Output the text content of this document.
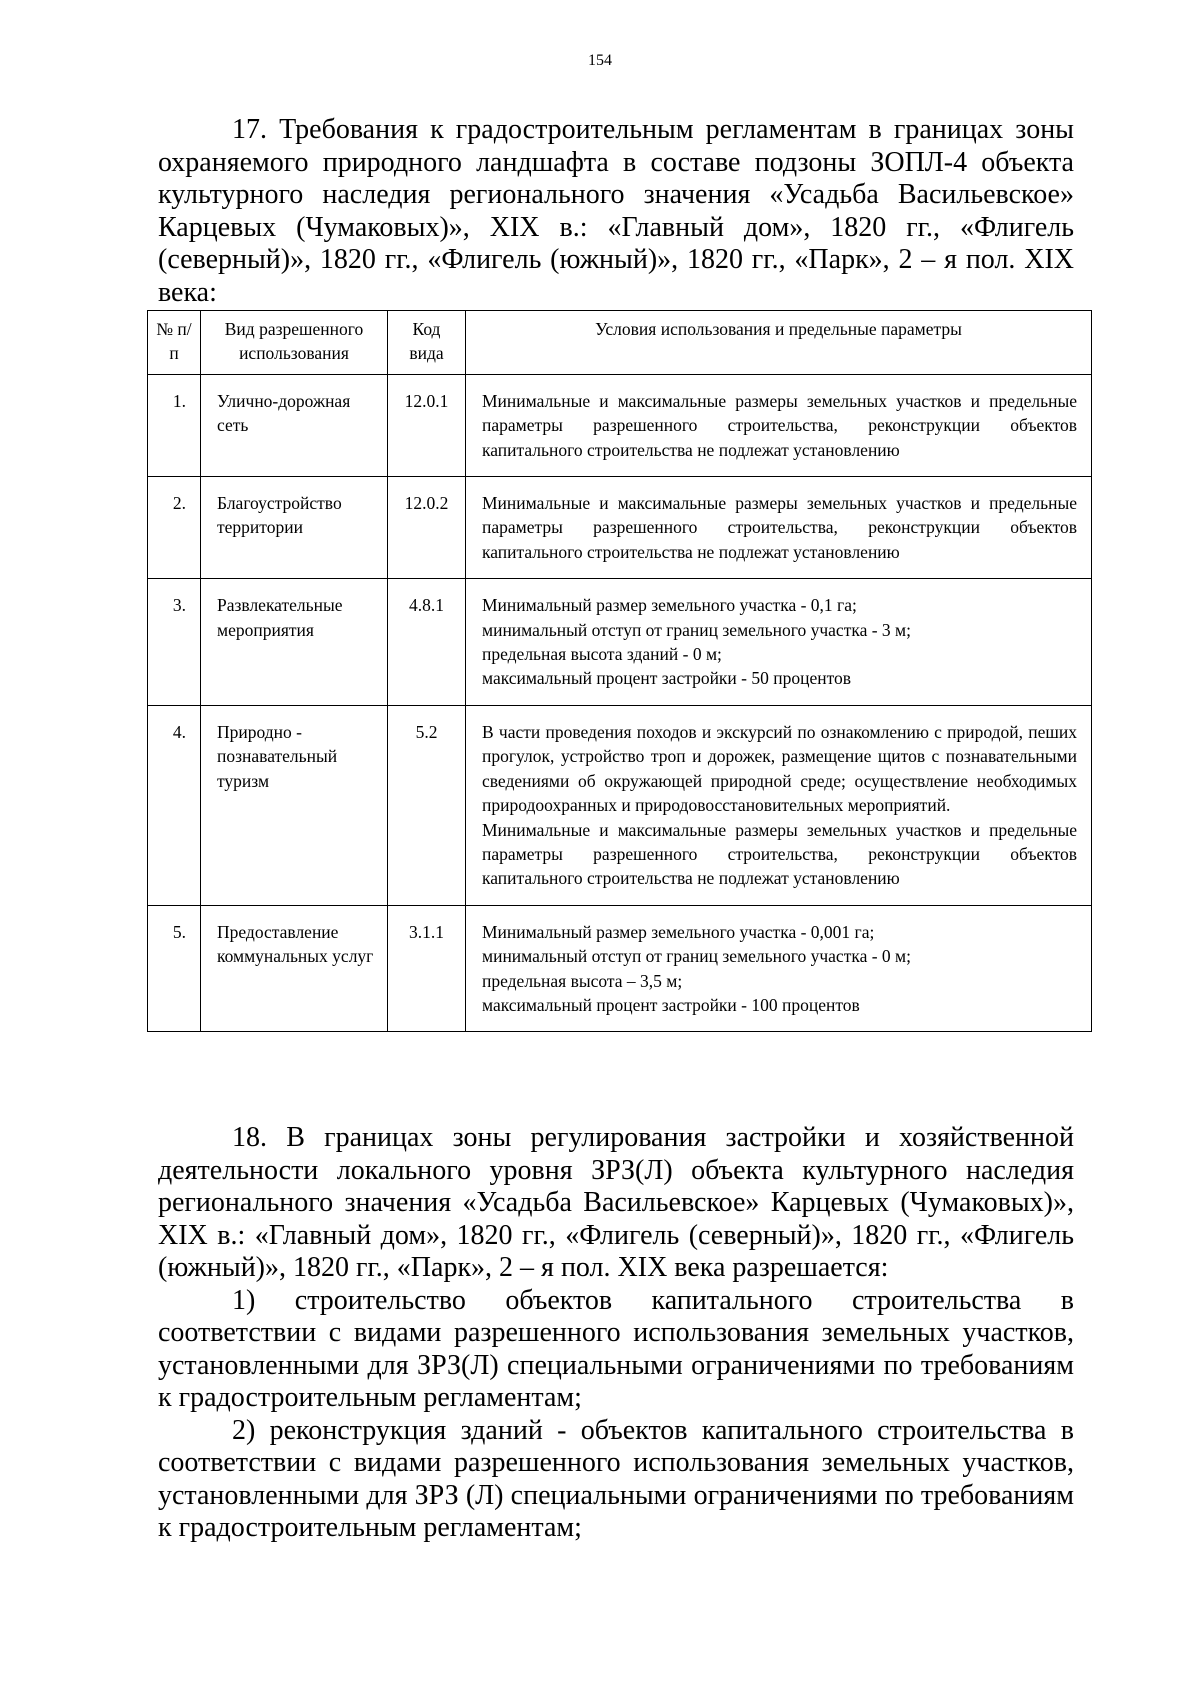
154

17. Требования к градостроительным регламентам в границах зоны охраняемого природного ландшафта в составе подзоны ЗОПЛ-4 объекта культурного наследия регионального значения «Усадьба Васильевское» Карцевых (Чумаковых)», XIX в.: «Главный дом», 1820 гг., «Флигель (северный)», 1820 гг., «Флигель (южный)», 1820 гг., «Парк», 2 – я пол. XIX века:

№ п/п	Вид разрешенного использования	Код вида	Условия использования и предельные параметры
1.	Улично-дорожная сеть	12.0.1	Минимальные и максимальные размеры земельных участков и предельные параметры разрешенного строительства, реконструкции объектов капитального строительства не подлежат установлению

2.	Благоустройство территории	12.0.2	Минимальные и максимальные размеры земельных участков и предельные параметры разрешенного строительства, реконструкции объектов капитального строительства не подлежат установлению

3.	Развлекательные мероприятия	4.8.1	Минимальный размер земельного участка - 0,1 га;
минимальный отступ от границ земельного участка - 3 м;
предельная высота зданий - 0 м;
максимальный процент застройки - 50 процентов

4.	Природно - познавательный туризм	5.2	В части проведения походов и экскурсий по ознакомлению с природой, пеших прогулок, устройство троп и дорожек, размещение щитов с познавательными сведениями об окружающей природной среде; осуществление необходимых природоохранных и природовосстановительных мероприятий.
Минимальные и максимальные размеры земельных участков и предельные параметры разрешенного строительства, реконструкции объектов капитального строительства не подлежат установлению

5.	Предоставление коммунальных услуг	3.1.1	Минимальный размер земельного участка - 0,001 га;
минимальный отступ от границ земельного участка - 0 м;
предельная высота – 3,5 м;
максимальный процент застройки - 100 процентов

18. В границах зоны регулирования застройки и хозяйственной деятельности локального уровня ЗРЗ(Л) объекта культурного наследия регионального значения «Усадьба Васильевское» Карцевых (Чумаковых)», XIX в.: «Главный дом», 1820 гг., «Флигель (северный)», 1820 гг., «Флигель (южный)», 1820 гг., «Парк», 2 – я пол. XIX века разрешается:

1) строительство объектов капитального строительства в соответствии с видами разрешенного использования земельных участков, установленными для ЗРЗ(Л) специальными ограничениями по требованиям к градостроительным регламентам;

2) реконструкция зданий - объектов капитального строительства в соответствии с видами разрешенного использования земельных участков, установленными для ЗРЗ (Л) специальными ограничениями по требованиям к градостроительным регламентам;
